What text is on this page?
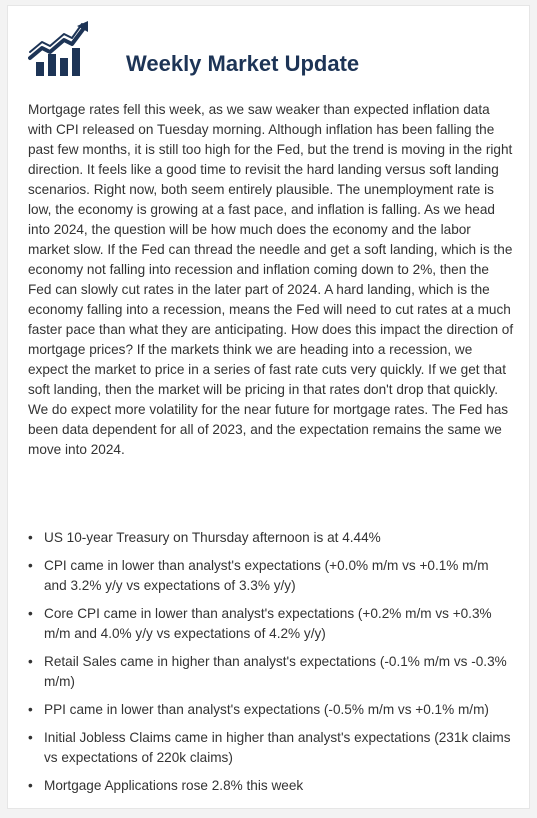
Weekly Market Update

Mortgage rates fell this week, as we saw weaker than expected inflation data with CPI released on Tuesday morning. Although inflation has been falling the past few months, it is still too high for the Fed, but the trend is moving in the right direction. It feels like a good time to revisit the hard landing versus soft landing scenarios. Right now, both seem entirely plausible. The unemployment rate is low, the economy is growing at a fast pace, and inflation is falling. As we head into 2024, the question will be how much does the economy and the labor market slow. If the Fed can thread the needle and get a soft landing, which is the economy not falling into recession and inflation coming down to 2%, then the Fed can slowly cut rates in the later part of 2024. A hard landing, which is the economy falling into a recession, means the Fed will need to cut rates at a much faster pace than what they are anticipating. How does this impact the direction of mortgage prices? If the markets think we are heading into a recession, we expect the market to price in a series of fast rate cuts very quickly. If we get that soft landing, then the market will be pricing in that rates don't drop that quickly. We do expect more volatility for the near future for mortgage rates. The Fed has been data dependent for all of 2023, and the expectation remains the same we move into 2024.

• US 10-year Treasury on Thursday afternoon is at 4.44%
• CPI came in lower than analyst's expectations (+0.0% m/m vs +0.1% m/m and 3.2% y/y vs expectations of 3.3% y/y)
• Core CPI came in lower than analyst's expectations (+0.2% m/m vs +0.3% m/m and 4.0% y/y vs expectations of 4.2% y/y)
• Retail Sales came in higher than analyst's expectations (-0.1% m/m vs -0.3% m/m)
• PPI came in lower than analyst's expectations (-0.5% m/m vs +0.1% m/m)
• Initial Jobless Claims came in higher than analyst's expectations (231k claims vs expectations of 220k claims)
• Mortgage Applications rose 2.8% this week
